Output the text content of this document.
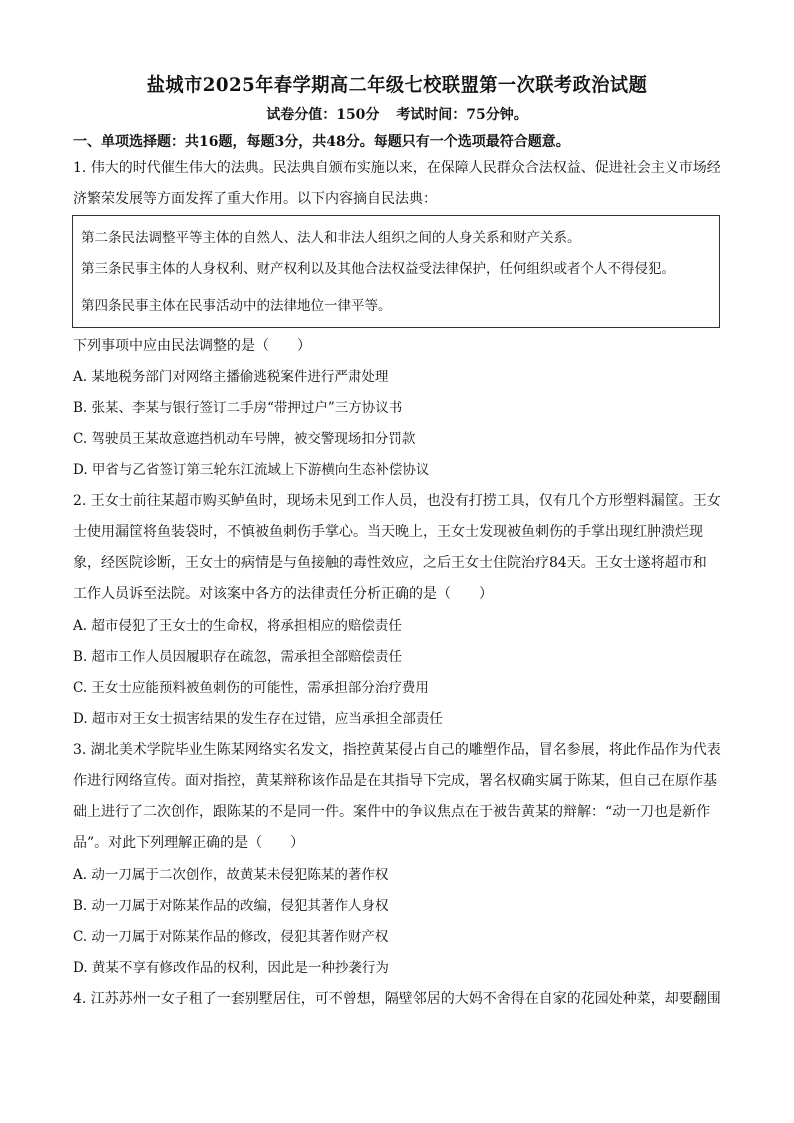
盐城市2025年春学期高二年级七校联盟第一次联考政治试题
试卷分值：150分 考试时间：75分钟。
一、单项选择题：共16题，每题3分，共48分。每题只有一个选项最符合题意。
1. 伟大的时代催生伟大的法典。民法典自颁布实施以来，在保障人民群众合法权益、促进社会主义市场经
济繁荣发展等方面发挥了重大作用。以下内容摘自民法典：
第二条民法调整平等主体的自然人、法人和非法人组织之间的人身关系和财产关系。
第三条民事主体的人身权利、财产权利以及其他合法权益受法律保护，任何组织或者个人不得侵犯。
第四条民事主体在民事活动中的法律地位一律平等。
下列事项中应由民法调整的是（　　）
A. 某地税务部门对网络主播偷逃税案件进行严肃处理
B. 张某、李某与银行签订二手房“带押过户”三方协议书
C. 驾驶员王某故意遮挡机动车号牌，被交警现场扣分罚款
D. 甲省与乙省签订第三轮东江流域上下游横向生态补偿协议
2. 王女士前往某超市购买鲈鱼时，现场未见到工作人员，也没有打捞工具，仅有几个方形塑料漏筐。王女
士使用漏筐将鱼装袋时，不慎被鱼刺伤手掌心。当天晚上，王女士发现被鱼刺伤的手掌出现红肿溃烂现
象，经医院诊断，王女士的病情是与鱼接触的毒性效应，之后王女士住院治疗84天。王女士遂将超市和
工作人员诉至法院。对该案中各方的法律责任分析正确的是（　　）
A. 超市侵犯了王女士的生命权，将承担相应的赔偿责任
B. 超市工作人员因履职存在疏忽，需承担全部赔偿责任
C. 王女士应能预料被鱼刺伤的可能性，需承担部分治疗费用
D. 超市对王女士损害结果的发生存在过错，应当承担全部责任
3. 湖北美术学院毕业生陈某网络实名发文，指控黄某侵占自己的雕塑作品，冒名参展，将此作品作为代表
作进行网络宣传。面对指控，黄某辩称该作品是在其指导下完成，署名权确实属于陈某，但自己在原作基
础上进行了二次创作，跟陈某的不是同一件。案件中的争议焦点在于被告黄某的辩解：“动一刀也是新作
品”。对此下列理解正确的是（　　）
A. 动一刀属于二次创作，故黄某未侵犯陈某的著作权
B. 动一刀属于对陈某作品的改编，侵犯其著作人身权
C. 动一刀属于对陈某作品的修改，侵犯其著作财产权
D. 黄某不享有修改作品的权利，因此是一种抄袭行为
4. 江苏苏州一女子租了一套别墅居住，可不曾想，隔壁邻居的大妈不舍得在自家的花园处种菜，却要翻围
